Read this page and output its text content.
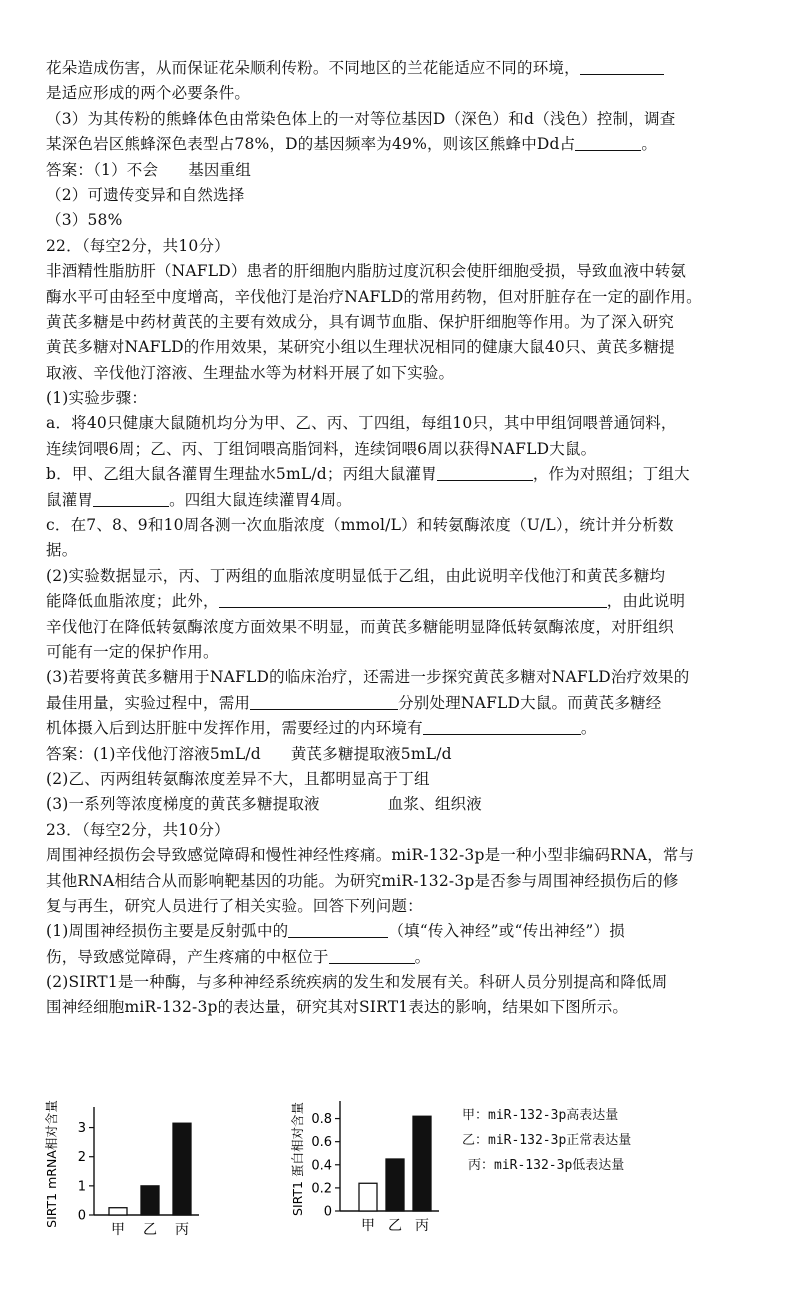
花朵造成伤害，从而保证花朵顺利传粉。不同地区的兰花能适应不同的环境，
是适应形成的两个必要条件。
（3）为其传粉的熊蜂体色由常染色体上的一对等位基因D（深色）和d（浅色）控制，调查
某深色岩区熊蜂深色表型占78%，D的基因频率为49%，则该区熊蜂中Dd占	。
答案：（1）不会 基因重组
（2）可遗传变异和自然选择
（3）58%
22．（每空2分，共10分）
非酒精性脂肪肝（NAFLD）患者的肝细胞内脂肪过度沉积会使肝细胞受损，导致血液中转氨
酶水平可由轻至中度增高，辛伐他汀是治疗NAFLD的常用药物，但对肝脏存在一定的副作用。
黄芪多糖是中药材黄芪的主要有效成分，具有调节血脂、保护肝细胞等作用。为了深入研究
黄芪多糖对NAFLD的作用效果，某研究小组以生理状况相同的健康大鼠40只、黄芪多糖提
取液、辛伐他汀溶液、生理盐水等为材料开展了如下实验。
(1)实验步骤：
a．将40只健康大鼠随机均分为甲、乙、丙、丁四组，每组10只，其中甲组饲喂普通饲料，
连续饲喂6周；乙、丙、丁组饲喂高脂饲料，连续饲喂6周以获得NAFLD大鼠。
b．甲、乙组大鼠各灌胃生理盐水5mL/d；丙组大鼠灌胃	，作为对照组；丁组大
鼠灌胃	。四组大鼠连续灌胃4周。
c．在7、8、9和10周各测一次血脂浓度（mmol/L）和转氨酶浓度（U/L），统计并分析数
据。
(2)实验数据显示，丙、丁两组的血脂浓度明显低于乙组，由此说明辛伐他汀和黄芪多糖均
能降低血脂浓度；此外，	，由此说明
辛伐他汀在降低转氨酶浓度方面效果不明显，而黄芪多糖能明显降低转氨酶浓度，对肝组织
可能有一定的保护作用。
(3)若要将黄芪多糖用于NAFLD的临床治疗，还需进一步探究黄芪多糖对NAFLD治疗效果的
最佳用量，实验过程中，需用	分别处理NAFLD大鼠。而黄芪多糖经
机体摄入后到达肝脏中发挥作用，需要经过的内环境有	。
答案：(1)辛伐他汀溶液5mL/d 黄芪多糖提取液5mL/d
(2)乙、丙两组转氨酶浓度差异不大，且都明显高于丁组
(3)一系列等浓度梯度的黄芪多糖提取液	血浆、组织液
23．（每空2分，共10分）
周围神经损伤会导致感觉障碍和慢性神经性疼痛。miR-132-3p是一种小型非编码RNA，常与
其他RNA相结合从而影响靶基因的功能。为研究miR-132-3p是否参与周围神经损伤后的修
复与再生，研究人员进行了相关实验。回答下列问题：
(1)周围神经损伤主要是反射弧中的	（填“传入神经”或“传出神经”）损
伤，导致感觉障碍，产生疼痛的中枢位于	。
(2)SIRT1是一种酶，与多种神经系统疾病的发生和发展有关。科研人员分别提高和降低周
围神经细胞miR-132-3p的表达量，研究其对SIRT1表达的影响，结果如下图所示。
SIRT1 mRNA相对含量 0
1
2
3
甲 乙 丙
SIRT1 蛋白相对含量 0
0.2
0.4
0.6
0.8
甲 乙 丙
甲：miR-132-3p高表达量
乙：miR-132-3p正常表达量
丙：miR-132-3p低表达量
